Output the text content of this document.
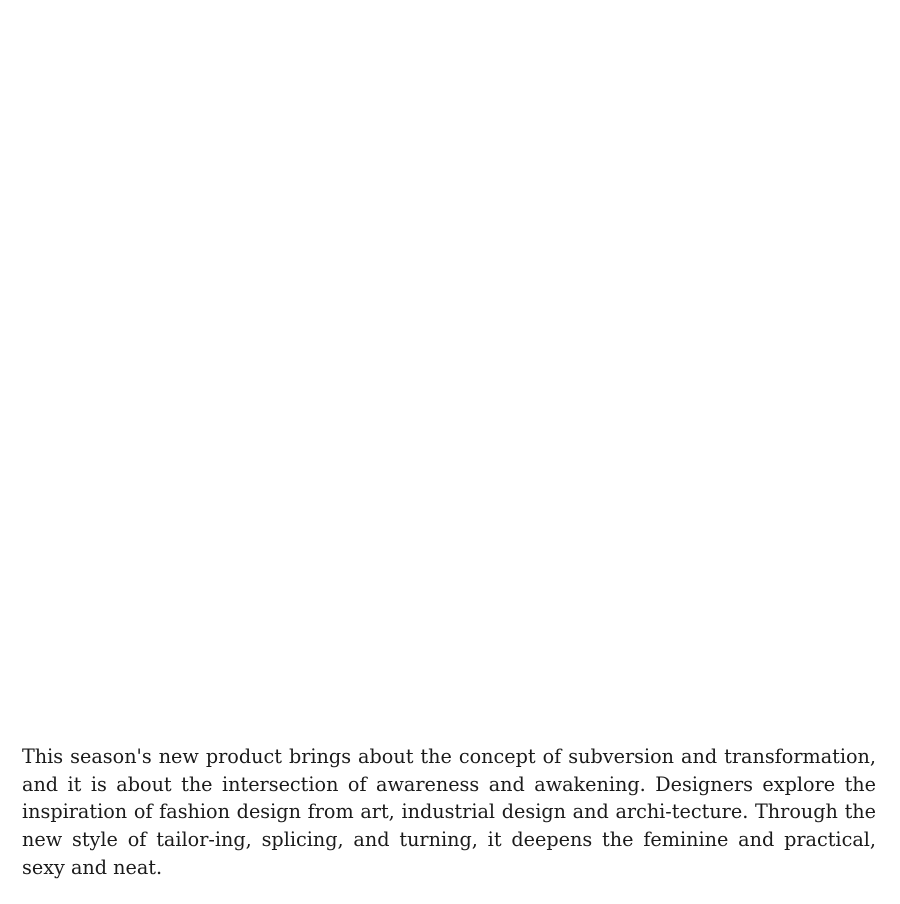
This season's new product brings about the concept of subversion and transformation, and it is about the intersection of awareness and awakening. Designers explore the inspiration of fashion design from art, industrial design and archi-tecture. Through the new style of tailor-ing, splicing, and turning, it deepens the feminine and practical, sexy and neat.
